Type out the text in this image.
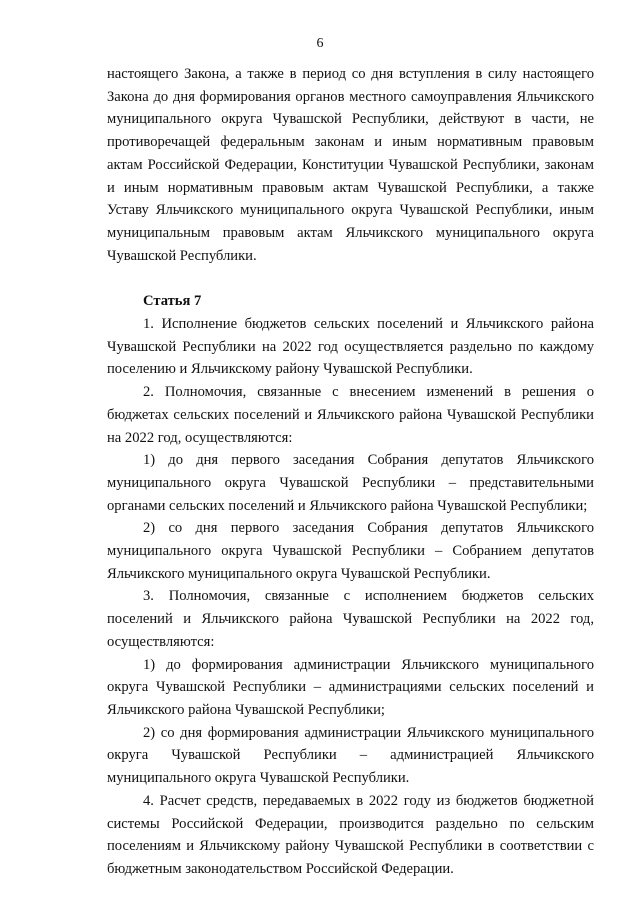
6

настоящего Закона, а также в период со дня вступления в силу настоящего Закона до дня формирования органов местного самоуправления Яльчикского муниципального округа Чувашской Республики, действуют в части, не противоречащей федеральным законам и иным нормативным правовым актам Российской Федерации, Конституции Чувашской Республики, законам и иным нормативным правовым актам Чувашской Республики, а также Уставу Яльчикского муниципального округа Чувашской Республики, иным муниципальным правовым актам Яльчикского муниципального округа Чувашской Республики.

Статья 7

1. Исполнение бюджетов сельских поселений и Яльчикского района Чувашской Республики на 2022 год осуществляется раздельно по каждому поселению и Яльчикскому району Чувашской Республики.

2. Полномочия, связанные с внесением изменений в решения о бюджетах сельских поселений и Яльчикского района Чувашской Республики на 2022 год, осуществляются:

1) до дня первого заседания Собрания депутатов Яльчикского муниципального округа Чувашской Республики – представительными органами сельских поселений и Яльчикского района Чувашской Республики;

2) со дня первого заседания Собрания депутатов Яльчикского муниципального округа Чувашской Республики – Собранием депутатов Яльчикского муниципального округа Чувашской Республики.

3. Полномочия, связанные с исполнением бюджетов сельских поселений и Яльчикского района Чувашской Республики на 2022 год, осуществляются:

1) до формирования администрации Яльчикского муниципального округа Чувашской Республики – администрациями сельских поселений и Яльчикского района Чувашской Республики;

2) со дня формирования администрации Яльчикского муниципального округа Чувашской Республики – администрацией Яльчикского муниципального округа Чувашской Республики.

4. Расчет средств, передаваемых в 2022 году из бюджетов бюджетной системы Российской Федерации, производится раздельно по сельским поселениям и Яльчикскому району Чувашской Республики в соответствии с бюджетным законодательством Российской Федерации.
